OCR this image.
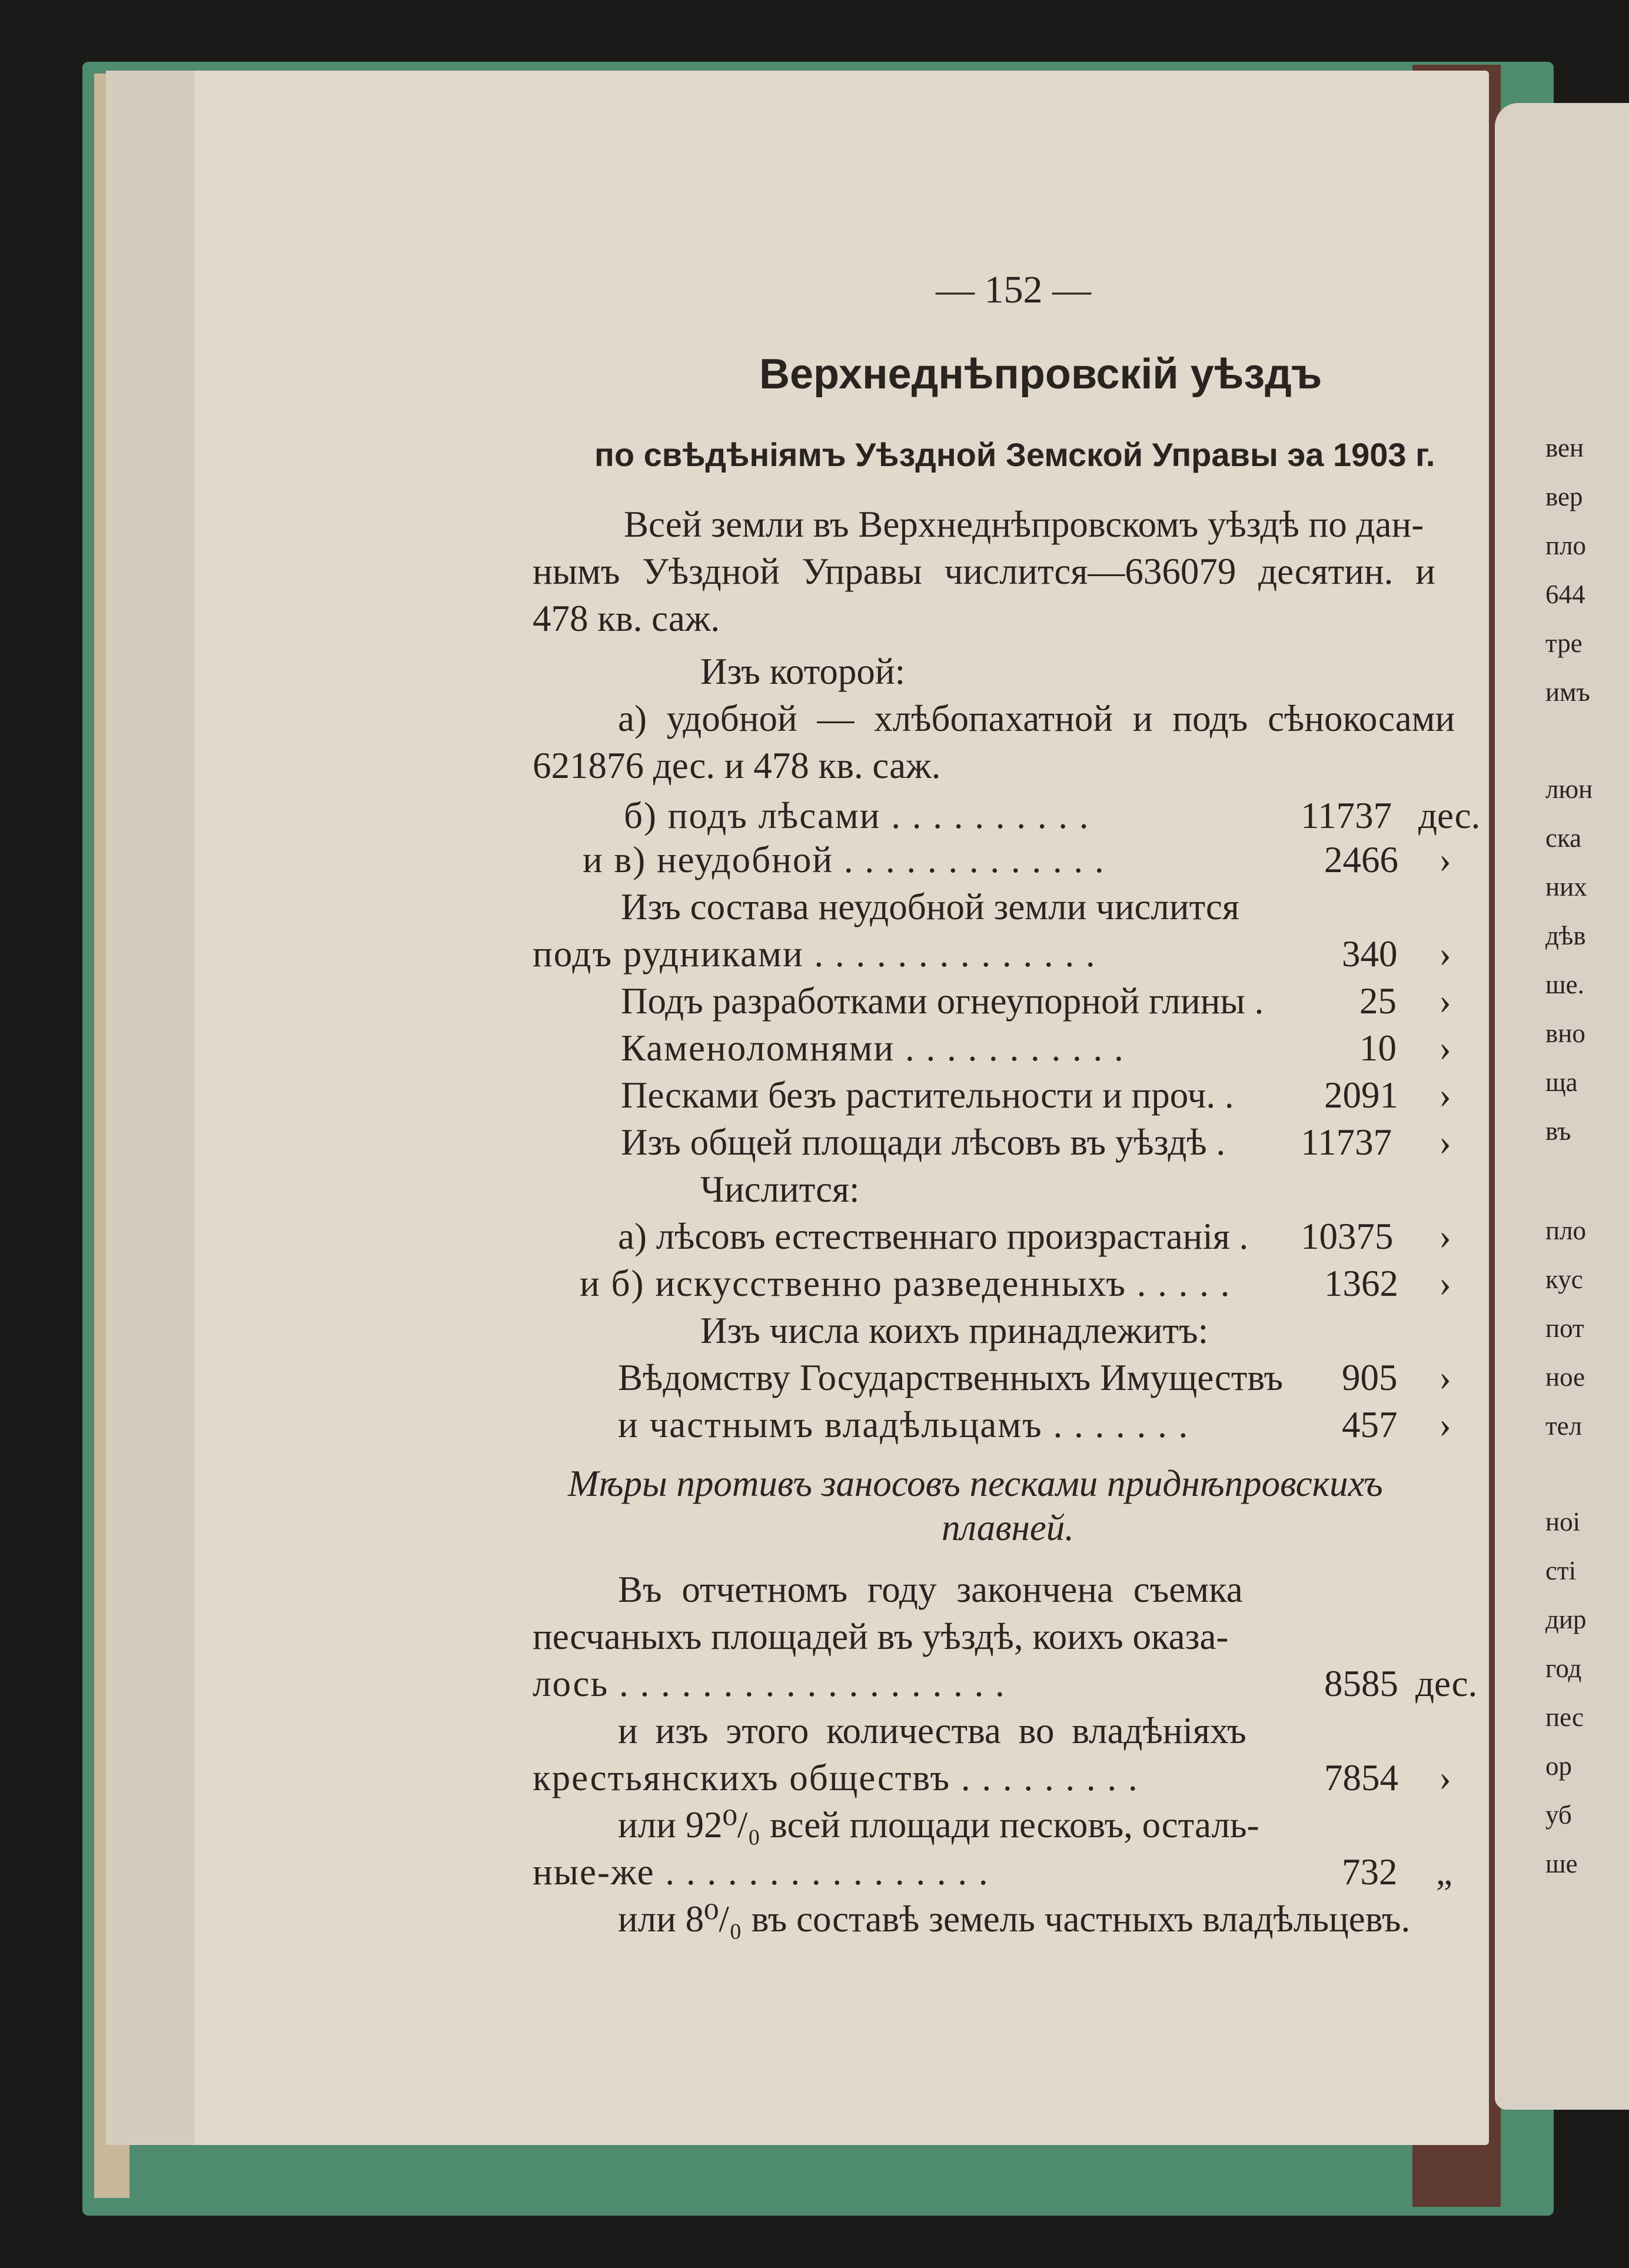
вен
вер
пло
644
тре
имъ
люн
ска
них
дѣв
ше.
вно
ща
въ
пло
кус
пот
ное
тел
ноі
сті
дир
год
пес
ор
уб
ше
— 152 —
Верхнеднѣпровскій уѣздъ
по свѣдѣніямъ Уѣздной Земской Управы эа 1903 г.
Всей земли въ Верхнеднѣпровскомъ уѣздѣ по дан-
нымъ Уѣздной Управы числится—636079 десятин. и
478 кв. саж.
Изъ которой:
а) удобной — хлѣбопахатной и подъ сѣнокосами
621876 дес. и 478 кв. саж.
б) подъ лѣсами . . . . . . . . . .	11737 дес.
и в) неудобной . . . . . . . . . . . . .	2466 ›
Изъ состава неудобной земли числится
подъ рудниками . . . . . . . . . . . . . .	340 ›
Подъ разработками огнеупорной глины .	25 ›
Каменоломнями . . . . . . . . . . .	10 ›
Песками безъ растительности и проч. . 2091 ›
Изъ общей площади лѣсовъ въ уѣздѣ . 11737 ›
Числится:
а) лѣсовъ естественнаго произрастанія . 10375 ›
и б) искусственно разведенныхъ . . . . .	1362 ›
Изъ числа коихъ принадлежитъ:
Вѣдомству Государственныхъ Имуществъ 905 ›
и частнымъ владѣльцамъ . . . . . . .	457 ›
Мѣры противъ заносовъ песками приднѣпровскихъ
плавней.
Въ отчетномъ году закончена съемка
песчаныхъ площадей въ уѣздѣ, коихъ оказа-
лось . . . . . . . . . . . . . . . . . . .	8585 дес.
и изъ этого количества во владѣніяхъ
крестьянскихъ обществъ . . . . . . . . .	7854 ›
или 92⁰/₀ всей площади песковъ, осталь-
ные-же . . . . . . . . . . . . . . . .	732 „
или 8⁰/₀ въ составѣ земель частныхъ владѣльцевъ.
